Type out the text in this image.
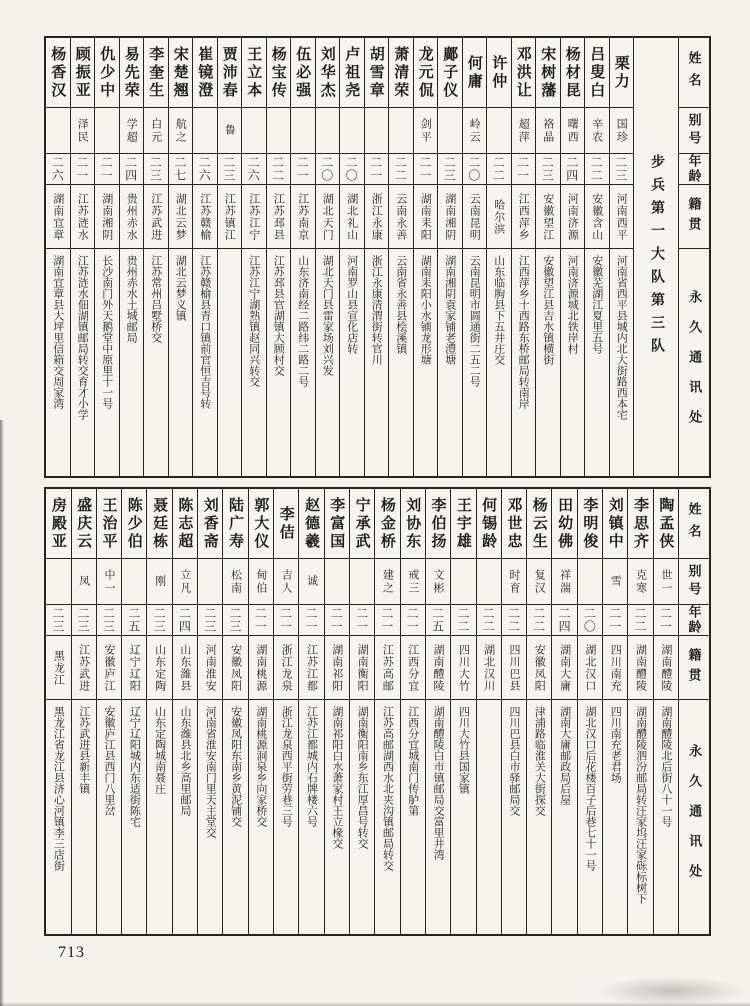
姓名
别号
年龄
籍贯
永久通讯处
步兵第一大队第三队
栗力
国珍
二三
河南西平
河南省西平县城内北大街路西本宅
吕叟白
辛农
二二
安徽含山
安徽芜湖江夏里五号
杨材昆
曙西
二四
河南济源
河南济源城北铁岸村
宋树藩
袼晶
二三
安徽望江
安徽望江县吉水镇横街
邓洪让
超萍
二一
江西萍乡
江西萍乡十西路东桥邮局转南岸
许仲
二二
哈尔滨
山东临朐县下五井庄交
何庸
岭云
二〇
云南昆明
云南昆明市圆通街二五二号
鄺子仪
二三
湖南湘阴
湖南湘阴袁家铺老澧塘
龙元侃
剑平
二一
湖南耒阳
湖南耒阳小水铺龙形塘
萧清荣
二二
云南永善
云南省永善县桧溪镇
胡雪章
二一
浙江永康
浙江永康清渭街转官川
卢祖尧
二〇
湖北礼山
河南罗山县宣化店转
刘华杰
二〇
湖北天门
湖北天门县雷家场刘兴发
伍必强
二一
江苏南京
山东济南经二路纬二路二号
杨宝传
二二
江苏邳县
江苏邳县官湖镇大顾村交
王立本
二六
江苏江宁
江苏江宁湖熟镇赵同兴转交
贾沛春
鲁
二三
江苏镇江
崔镜澄
二六
江苏赣榆
江苏赣榆县青口镇前官恒吉号转
宋楚翘
航之
二七
湖北云梦
湖北云梦义镇
李奎生
白元
二三
江苏武进
江苏常州吕墅桥交
易先荣
学超
二四
贵州赤水
贵州赤水土城邮局
仇少中
二一
湖南湘阴
长沙南门外天鹅堂中原里十一号
顾振亚
泽民
二一
江苏涟水
江苏涟水佃湖镇邮局转交育才小学
杨香汉
二六
湖南宜章
湖南宜章县大坪里信箱交周家湾
姓名
别号
年龄
籍贯
永久通讯处
陶孟侠
世一
二一
湖南醴陵
湖南醴陵北后街八十一号
李思齐
克寒
二二
湖南醴陵
湖南醴陵泗汾邮局转汪家坞汪家砾标树下
刘镇中
雪
二一
四川南充
四川南充老君场
李明俊
二〇
湖北汉口
湖北汉口后花楼百子后巷七十一号
田幼佛
祥湍
二四
湖南大庸
湖南大庸邮政局后屋
杨云生
复汉
二二
安徽凤阳
津浦路临淮关大街探交
邓世忠
时育
二二
四川巴县
四川巴县白市驿邮局交
何锡龄
二二
湖北汉川
王宇雄
二二
四川大竹
四川大竹县国家镇
李伯扬
文彬
二五
湖南醴陵
湖南醴陵白市镇邮局交富里井湾
刘协东
戒三
二一
江西分宜
江西分宜城南门传胪第
杨金桥
建之
二一
江苏高邮
江苏高邮湖西水北夹沟镇邮局转交
宁承武
二一
湖南衡阳
湖南衡阳南乡东江厚昌号转交
李富国
二一
湖南祁阳
湖南祁阳白水萧家村王立椽交
赵德羲
诚
二一
江苏江都
江苏江都城内石牌楼六号
李佶
吉人
二一
浙江龙泉
浙江龙泉西平街劳巷三号
郭大仪
甸伯
二一
湖南桃源
湖南桃源洞泉乡向家桥交
陆广寿
松南
二三
安徽凤阳
安徽凤阳东南乡黄泥铺交
刘香斋
二三
河南淮安
河南省淮安南门里天主堂交
陈志超
立凡
二四
山东潍县
山东潍县北乡高里邮局
聂廷栋
刚
二三
山东定陶
山东定陶城南聂庄
陈少伯
二五
辽宁辽阳
辽宁辽阳城内东适街陈宅
王治平
中一
二三
安徽庐江
安徽庐江县西门八里岔
盛庆云
凤
二三
江苏武进
江苏武进县新丰镇
房殿亚
二三
黑龙江
黑龙江省龙江县济心河镇李三店街
713
